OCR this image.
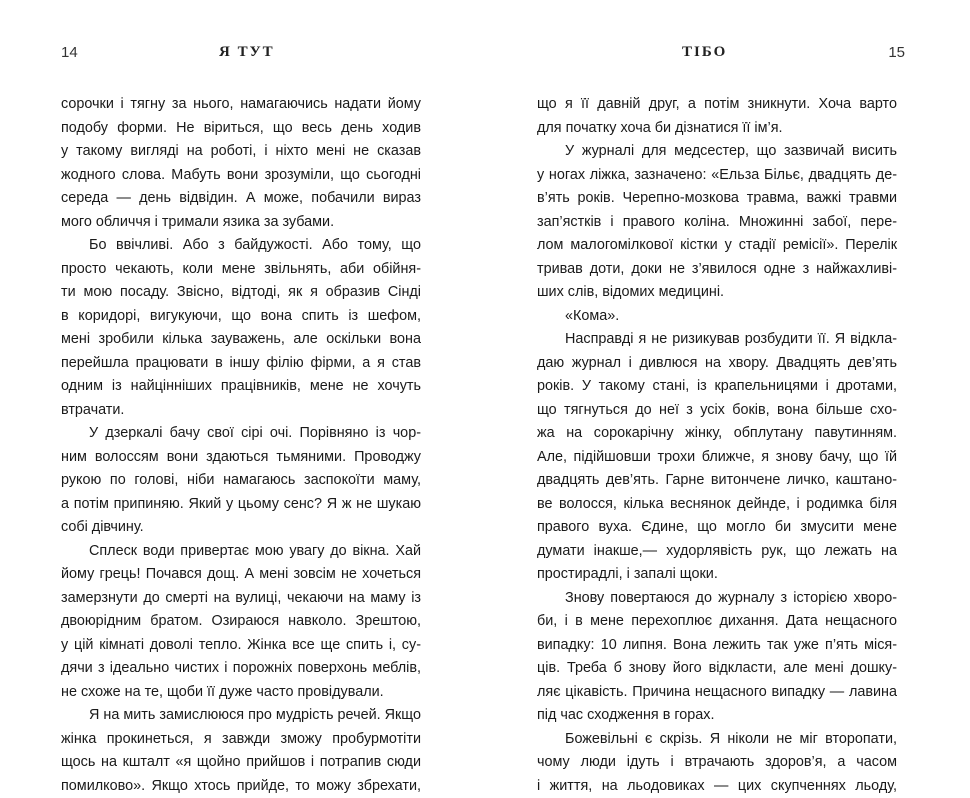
14	Я ТУТ
сорочки і тягну за нього, намагаючись надати йому
подобу форми. Не віриться, що весь день ходив
у такому вигляді на роботі, і ніхто мені не сказав
жодного слова. Мабуть вони зрозуміли, що сьогодні
середа — день відвідин. А може, побачили вираз
мого обличчя і тримали язика за зубами.
Бо ввічливі. Або з байдужості. Або тому, що
просто чекають, коли мене звільнять, аби обійня-
ти мою посаду. Звісно, відтоді, як я образив Сінді
в коридорі, вигукуючи, що вона спить із шефом,
мені зробили кілька зауважень, але оскільки вона
перейшла працювати в іншу філію фірми, а я став
одним із найцінніших працівників, мене не хочуть
втрачати.
У дзеркалі бачу свої сірі очі. Порівняно із чор-
ним волоссям вони здаються тьмяними. Проводжу
рукою по голові, ніби намагаюсь заспокоїти маму,
а потім припиняю. Який у цьому сенс? Я ж не шукаю
собі дівчину.
Сплеск води привертає мою увагу до вікна. Хай
йому грець! Почався дощ. А мені зовсім не хочеться
замерзнути до смерті на вулиці, чекаючи на маму із
двоюрідним братом. Озираюся навколо. Зрештою,
у цій кімнаті доволі тепло. Жінка все ще спить і, су-
дячи з ідеально чистих і порожніх поверхонь меблів,
не схоже на те, щоби її дуже часто провідували.
Я на мить замислююся про мудрість речей. Якщо
жінка прокинеться, я завжди зможу пробурмотіти
щось на кшталт «я щойно прийшов і потрапив сюди
помилково». Якщо хтось прийде, то можу збрехати,
ТІБО	15
що я її давній друг, а потім зникнути. Хоча варто
для початку хоча би дізнатися її ім’я.
У журналі для медсестер, що зазвичай висить
у ногах ліжка, зазначено: «Ельза Більє, двадцять де-
в’ять років. Черепно-мозкова травма, важкі травми
зап’ястків і правого коліна. Множинні забої, пере-
лом малогомілкової кістки у стадії ремісії». Перелік
тривав доти, доки не з’явилося одне з найжахливі-
ших слів, відомих медицині.
«Кома».
Насправді я не ризикував розбудити її. Я відкла-
даю журнал і дивлюся на хвору. Двадцять дев’ять
років. У такому стані, із крапельницями і дротами,
що тягнуться до неї з усіх боків, вона більше схо-
жа на сорокарічну жінку, обплутану павутинням.
Але, підійшовши трохи ближче, я знову бачу, що їй
двадцять дев’ять. Гарне витончене личко, каштано-
ве волосся, кілька веснянок дейнде, і родимка біля
правого вуха. Єдине, що могло би змусити мене
думати інакше,— худорлявість рук, що лежать на
простирадлі, і запалі щоки.
Знову повертаюся до журналу з історією хворо-
би, і в мене перехоплює дихання. Дата нещасного
випадку: 10 липня. Вона лежить так уже п’ять міся-
ців. Треба б знову його відкласти, але мені дошку-
ляє цікавість. Причина нещасного випадку — лавина
під час сходження в горах.
Божевільні є скрізь. Я ніколи не міг второпати,
чому люди ідуть і втрачають здоров’я, а часом
і життя, на льодовиках — цих скупченнях льоду,
